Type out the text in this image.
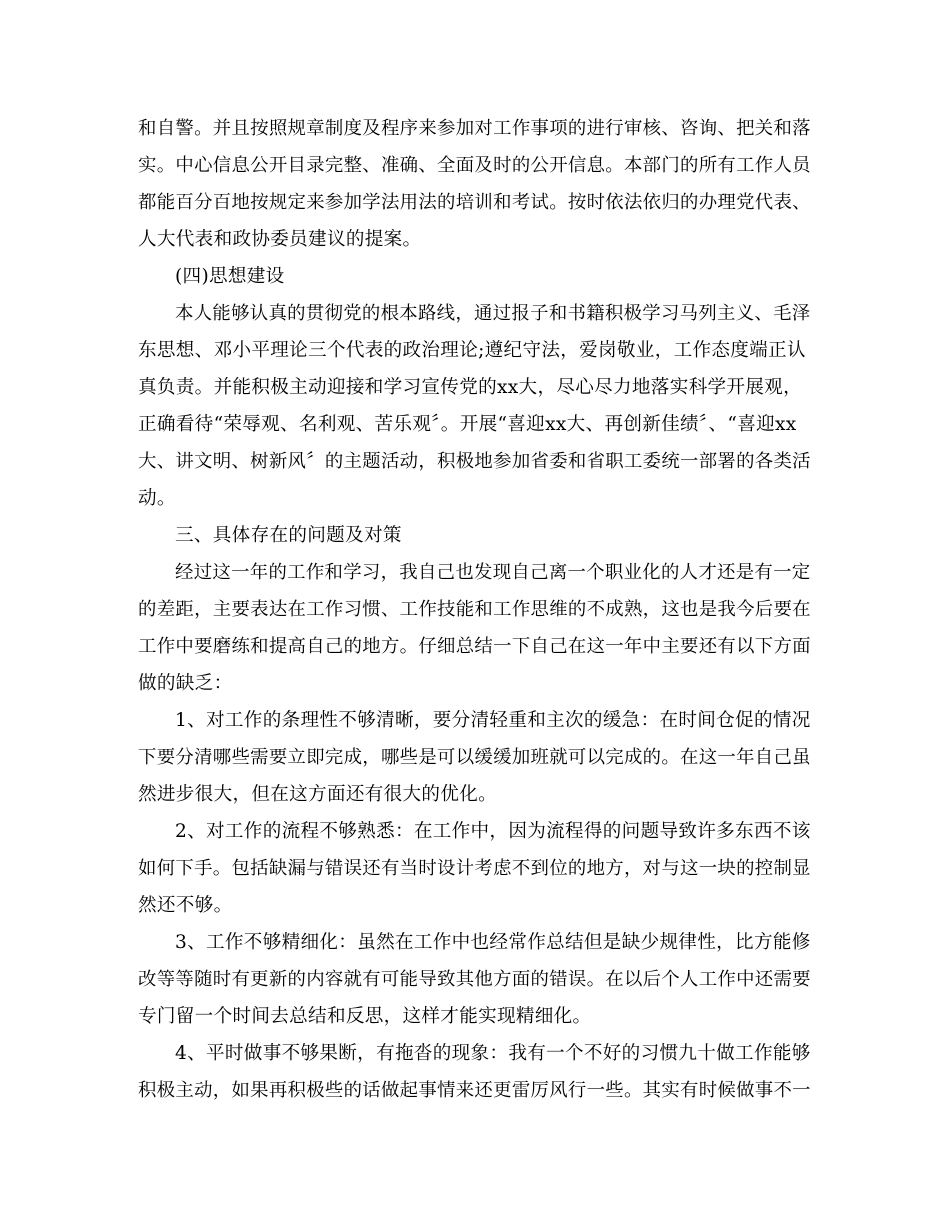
和自警。并且按照规章制度及程序来参加对工作事项的进行审核、咨询、把关和落

实。中心信息公开目录完整、准确、全面及时的公开信息。本部门的所有工作人员

都能百分百地按规定来参加学法用法的培训和考试。按时依法依归的办理党代表、

人大代表和政协委员建议的提案。

(四)思想建设

本人能够认真的贯彻党的根本路线，通过报子和书籍积极学习马列主义、毛泽

东思想、邓小平理论三个代表的政治理论;遵纪守法，爱岗敬业，工作态度端正认

真负责。并能积极主动迎接和学习宣传党的xx大，尽心尽力地落实科学开展观，

正确看待“荣辱观、名利观、苦乐观〞。开展“喜迎xx大、再创新佳绩〞、“喜迎xx

大、讲文明、树新风〞的主题活动，积极地参加省委和省职工委统一部署的各类活

动。

三、具体存在的问题及对策

经过这一年的工作和学习，我自己也发现自己离一个职业化的人才还是有一定

的差距，主要表达在工作习惯、工作技能和工作思维的不成熟，这也是我今后要在

工作中要磨练和提高自己的地方。仔细总结一下自己在这一年中主要还有以下方面

做的缺乏：

1、对工作的条理性不够清晰，要分清轻重和主次的缓急：在时间仓促的情况

下要分清哪些需要立即完成，哪些是可以缓缓加班就可以完成的。在这一年自己虽

然进步很大，但在这方面还有很大的优化。

2、对工作的流程不够熟悉：在工作中，因为流程得的问题导致许多东西不该

如何下手。包括缺漏与错误还有当时设计考虑不到位的地方，对与这一块的控制显

然还不够。

3、工作不够精细化：虽然在工作中也经常作总结但是缺少规律性，比方能修

改等等随时有更新的内容就有可能导致其他方面的错误。在以后个人工作中还需要

专门留一个时间去总结和反思，这样才能实现精细化。

4、平时做事不够果断，有拖沓的现象：我有一个不好的习惯九十做工作能够

积极主动，如果再积极些的话做起事情来还更雷厉风行一些。其实有时候做事不一
